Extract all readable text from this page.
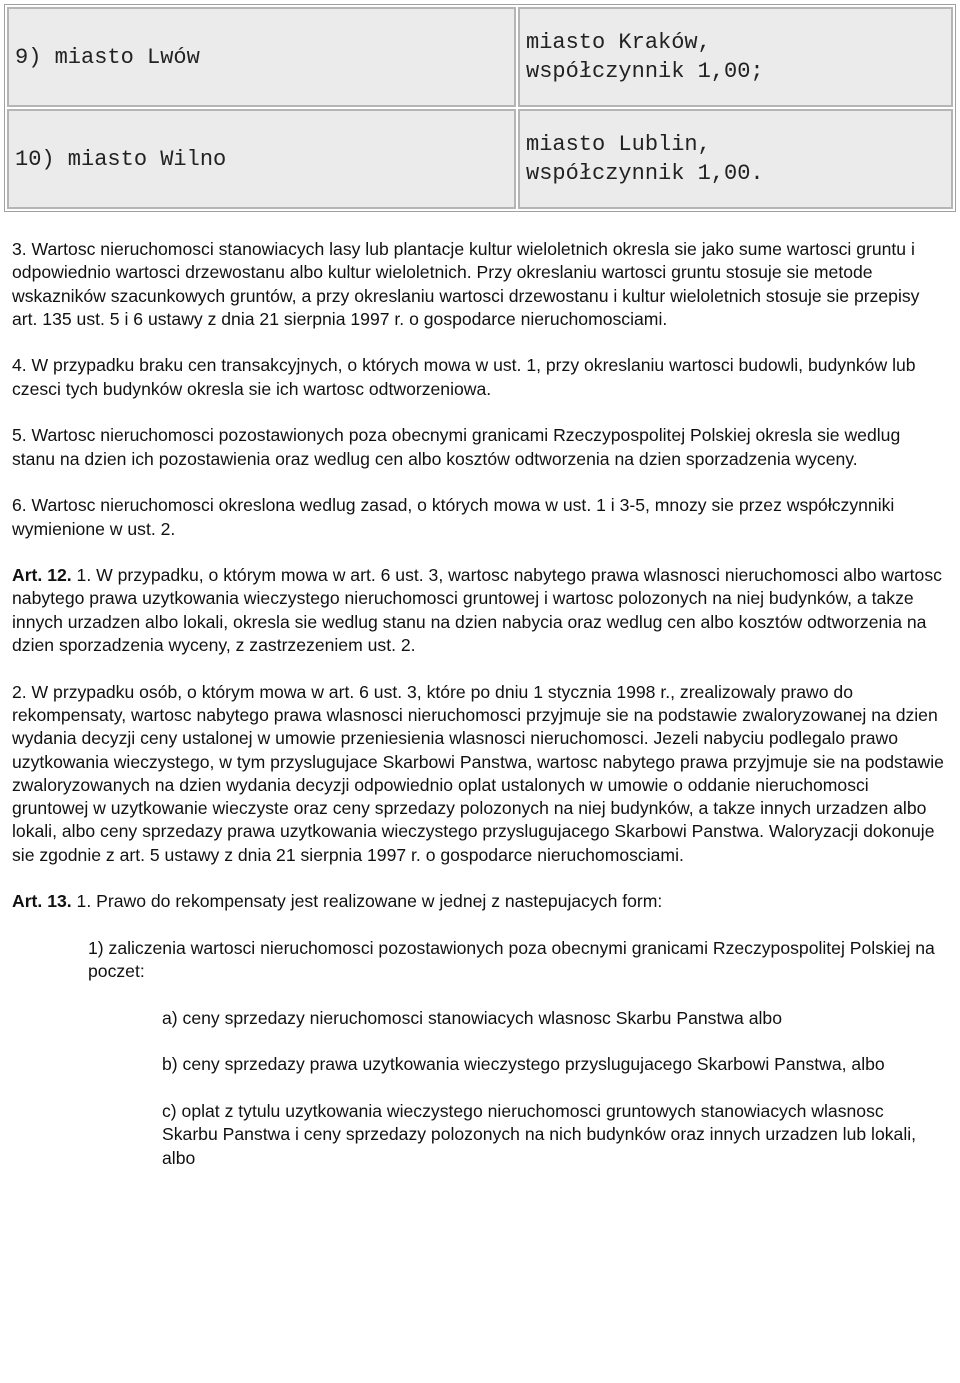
9) miasto Lwów	miasto Kraków,
współczynnik 1,00;

10) miasto Wilno	miasto Lublin,
współczynnik 1,00.

3. Wartosc nieruchomosci stanowiacych lasy lub plantacje kultur wieloletnich okresla sie jako sume wartosci gruntu i odpowiednio wartosci drzewostanu albo kultur wieloletnich. Przy okreslaniu wartosci gruntu stosuje sie metode wskazników szacunkowych gruntów, a przy okreslaniu wartosci drzewostanu i kultur wieloletnich stosuje sie przepisy art. 135 ust. 5 i 6 ustawy z dnia 21 sierpnia 1997 r. o gospodarce nieruchomosciami.

4. W przypadku braku cen transakcyjnych, o których mowa w ust. 1, przy okreslaniu wartosci budowli, budynków lub czesci tych budynków okresla sie ich wartosc odtworzeniowa.

5. Wartosc nieruchomosci pozostawionych poza obecnymi granicami Rzeczypospolitej Polskiej okresla sie wedlug stanu na dzien ich pozostawienia oraz wedlug cen albo kosztów odtworzenia na dzien sporzadzenia wyceny.

6. Wartosc nieruchomosci okreslona wedlug zasad, o których mowa w ust. 1 i 3-5, mnozy sie przez współczynniki wymienione w ust. 2.

Art. 12. 1. W przypadku, o którym mowa w art. 6 ust. 3, wartosc nabytego prawa wlasnosci nieruchomosci albo wartosc nabytego prawa uzytkowania wieczystego nieruchomosci gruntowej i wartosc polozonych na niej budynków, a takze innych urzadzen albo lokali, okresla sie wedlug stanu na dzien nabycia oraz wedlug cen albo kosztów odtworzenia na dzien sporzadzenia wyceny, z zastrzezeniem ust. 2.

2. W przypadku osób, o którym mowa w art. 6 ust. 3, które po dniu 1 stycznia 1998 r., zrealizowaly prawo do rekompensaty, wartosc nabytego prawa wlasnosci nieruchomosci przyjmuje sie na podstawie zwaloryzowanej na dzien wydania decyzji ceny ustalonej w umowie przeniesienia wlasnosci nieruchomosci. Jezeli nabyciu podlegalo prawo uzytkowania wieczystego, w tym przyslugujace Skarbowi Panstwa, wartosc nabytego prawa przyjmuje sie na podstawie zwaloryzowanych na dzien wydania decyzji odpowiednio oplat ustalonych w umowie o oddanie nieruchomosci gruntowej w uzytkowanie wieczyste oraz ceny sprzedazy polozonych na niej budynków, a takze innych urzadzen albo lokali, albo ceny sprzedazy prawa uzytkowania wieczystego przyslugujacego Skarbowi Panstwa. Waloryzacji dokonuje sie zgodnie z art. 5 ustawy z dnia 21 sierpnia 1997 r. o gospodarce nieruchomosciami.

Art. 13. 1. Prawo do rekompensaty jest realizowane w jednej z nastepujacych form:

1) zaliczenia wartosci nieruchomosci pozostawionych poza obecnymi granicami Rzeczypospolitej Polskiej na poczet:

a) ceny sprzedazy nieruchomosci stanowiacych wlasnosc Skarbu Panstwa albo

b) ceny sprzedazy prawa uzytkowania wieczystego przyslugujacego Skarbowi Panstwa, albo

c) oplat z tytulu uzytkowania wieczystego nieruchomosci gruntowych stanowiacych wlasnosc Skarbu Panstwa i ceny sprzedazy polozonych na nich budynków oraz innych urzadzen lub lokali, albo
